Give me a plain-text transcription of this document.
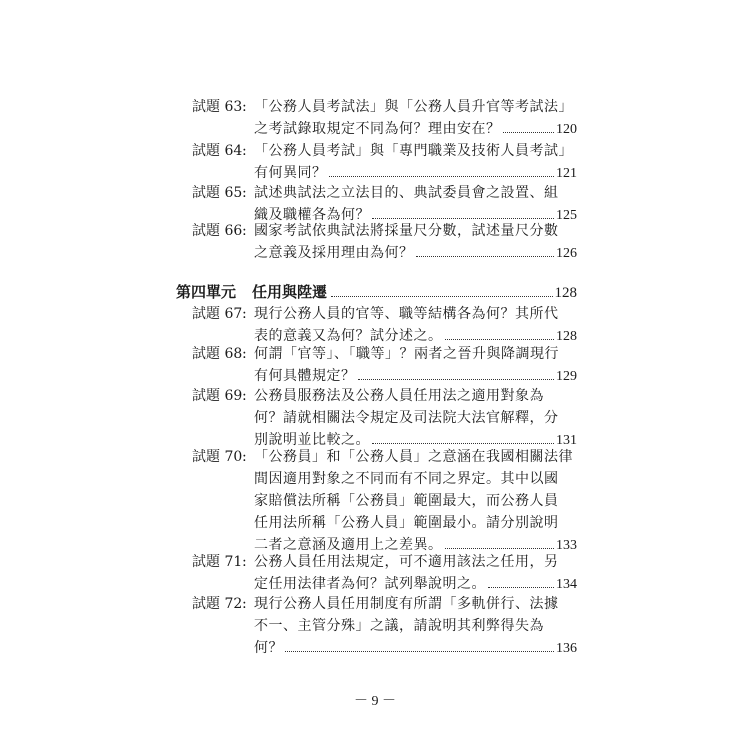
試題 63 : 「公務人員考試法」與「公務人員升官等考試法」
之考試錄取規定不同為何？理由安在？	120
試題 64 : 「公務人員考試」與「專門職業及技術人員考試」
有何異同？	121
試題 65 : 試述典試法之立法目的、典試委員會之設置、組
織及職權各為何？	125
試題 66 : 國家考試依典試法將採量尺分數，試述量尺分數
之意義及採用理由為何？	126
第四單元 任用與陞遷	128
試題 67 : 現行公務人員的官等、職等結構各為何？其所代
表的意義又為何？試分述之。	128
試題 68 : 何謂「官等」、「職等」？兩者之晉升與降調現行
有何具體規定？	129
試題 69 : 公務員服務法及公務人員任用法之適用對象為
何？請就相關法令規定及司法院大法官解釋，分
別說明並比較之。	131
試題 70 : 「公務員」和「公務人員」之意涵在我國相關法律
間因適用對象之不同而有不同之界定。其中以國
家賠償法所稱「公務員」範圍最大，而公務人員
任用法所稱「公務人員」範圍最小。請分別說明
二者之意涵及適用上之差異。	133
試題 71 : 公務人員任用法規定，可不適用該法之任用，另
定任用法律者為何？試列舉說明之。	134
試題 72 : 現行公務人員任用制度有所謂「多軌併行、法據
不一、主管分殊」之議，請說明其利弊得失為
何？	136
－ 9 －
